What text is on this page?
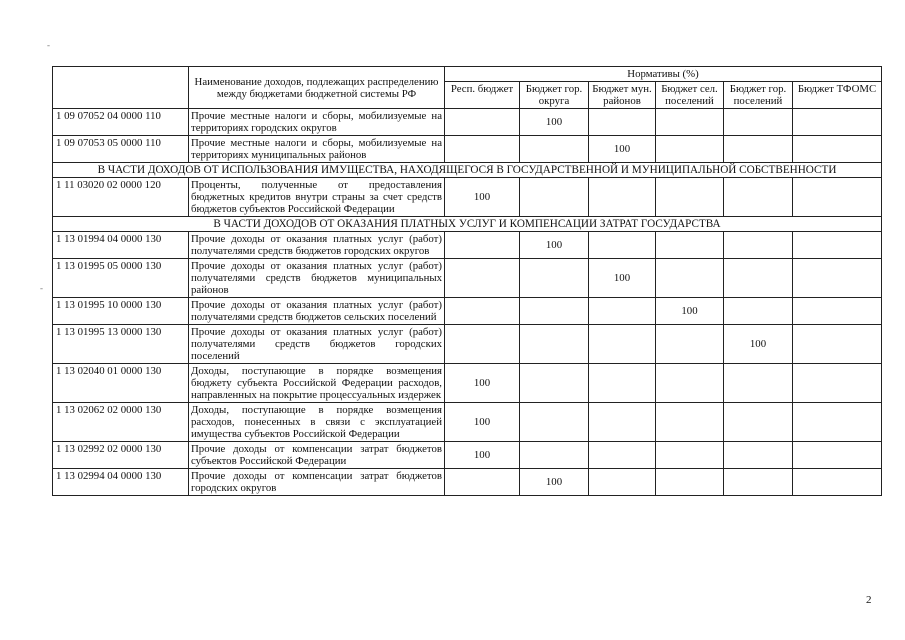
-
-
	Наименование доходов, подлежащих распределению между бюджетами бюджетной системы РФ	Нормативы (%)					
		Респ. бюджет	Бюджет гор. округа	Бюджет мун. районов	Бюджет сел. поселений	Бюджет гор. поселений	Бюджет ТФОМС
1 09 07052 04 0000 110	Прочие местные налоги и сборы, мобилизуемые на территориях городских округов		100				
1 09 07053 05 0000 110	Прочие местные налоги и сборы, мобилизуемые на территориях муниципальных районов			100			
В ЧАСТИ ДОХОДОВ ОТ ИСПОЛЬЗОВАНИЯ ИМУЩЕСТВА, НАХОДЯЩЕГОСЯ В ГОСУДАРСТВЕННОЙ И МУНИЦИПАЛЬНОЙ СОБСТВЕННОСТИ							
1 11 03020 02 0000 120	Проценты, полученные от предоставления бюджетных кредитов внутри страны за счет средств бюджетов субъектов Российской Федерации	100					
В ЧАСТИ ДОХОДОВ ОТ ОКАЗАНИЯ ПЛАТНЫХ УСЛУГ И КОМПЕНСАЦИИ ЗАТРАТ ГОСУДАРСТВА							
1 13 01994 04 0000 130	Прочие доходы от оказания платных услуг (работ) получателями средств бюджетов городских округов		100				
1 13 01995 05 0000 130	Прочие доходы от оказания платных услуг (работ) получателями средств бюджетов муниципальных районов			100			
1 13 01995 10 0000 130	Прочие доходы от оказания платных услуг (работ) получателями средств бюджетов сельских поселений				100		
1 13 01995 13 0000 130	Прочие доходы от оказания платных услуг (работ) получателями средств бюджетов городских поселений					100	
1 13 02040 01 0000 130	Доходы, поступающие в порядке возмещения бюджету субъекта Российской Федерации расходов, направленных на покрытие процессуальных издержек	100					
1 13 02062 02 0000 130	Доходы, поступающие в порядке возмещения расходов, понесенных в связи с эксплуатацией имущества субъектов Российской Федерации	100					
1 13 02992 02 0000 130	Прочие доходы от компенсации затрат бюджетов субъектов Российской Федерации	100					
1 13 02994 04 0000 130	Прочие доходы от компенсации затрат бюджетов городских округов		100				
2
